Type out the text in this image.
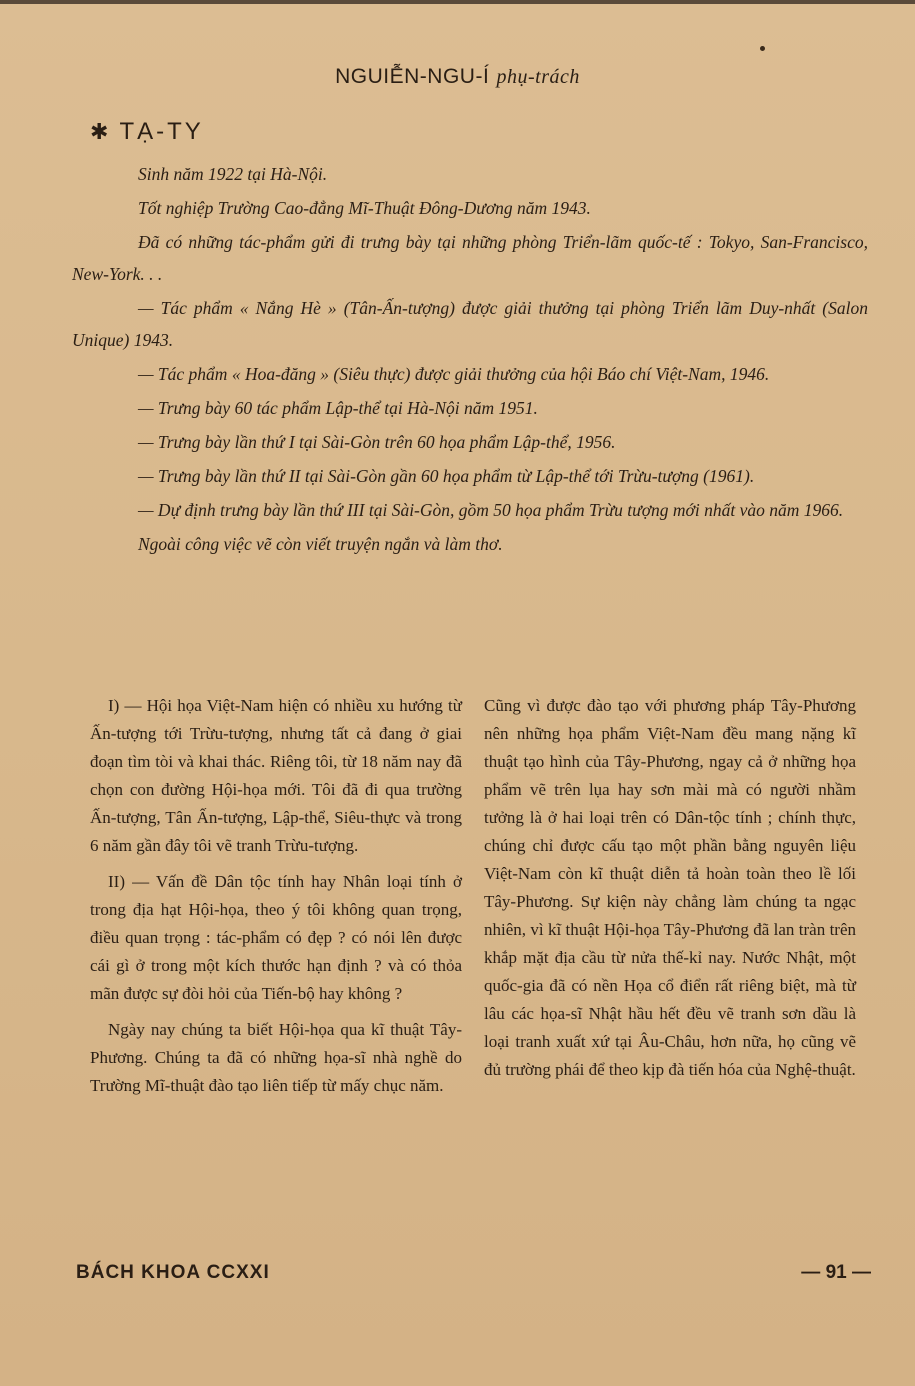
NGUIỄN-NGU-Í phụ-trách
✱ TẠ-TY

Sinh năm 1922 tại Hà-Nội.

Tốt nghiệp Trường Cao-đẳng Mĩ-Thuật Đông-Dương năm 1943.

Đã có những tác-phẩm gửi đi trưng bày tại những phòng Triển-lãm quốc-tế : Tokyo, San-Francisco, New-York. . .

— Tác phẩm « Nắng Hè » (Tân-Ấn-tượng) được giải thưởng tại phòng Triển lãm Duy-nhất (Salon Unique) 1943.

— Tác phẩm « Hoa-đăng » (Siêu thực) được giải thưởng của hội Báo chí Việt-Nam, 1946.

— Trưng bày 60 tác phẩm Lập-thể tại Hà-Nội năm 1951.

— Trưng bày lần thứ I tại Sài-Gòn trên 60 họa phẩm Lập-thể, 1956.

— Trưng bày lần thứ II tại Sài-Gòn gần 60 họa phẩm từ Lập-thể tới Trừu-tượng (1961).

— Dự định trưng bày lần thứ III tại Sài-Gòn, gồm 50 họa phẩm Trừu tượng mới nhất vào năm 1966.

Ngoài công việc vẽ còn viết truyện ngắn và làm thơ.

I) — Hội họa Việt-Nam hiện có nhiều xu hướng từ Ấn-tượng tới Trừu-tượng, nhưng tất cả đang ở giai đoạn tìm tòi và khai thác. Riêng tôi, từ 18 năm nay đã chọn con đường Hội-họa mới. Tôi đã đi qua trường Ấn-tượng, Tân Ấn-tượng, Lập-thể, Siêu-thực và trong 6 năm gần đây tôi vẽ tranh Trừu-tượng.

II) — Vấn đề Dân tộc tính hay Nhân loại tính ở trong địa hạt Hội-họa, theo ý tôi không quan trọng, điều quan trọng : tác-phẩm có đẹp ? có nói lên được cái gì ở trong một kích thước hạn định ? và có thỏa mãn được sự đòi hỏi của Tiến-bộ hay không ?

Ngày nay chúng ta biết Hội-họa qua kĩ thuật Tây-Phương. Chúng ta đã có những họa-sĩ nhà nghề do Trường Mĩ-thuật đào tạo liên tiếp từ mấy chục năm.

Cũng vì được đào tạo với phương pháp Tây-Phương nên những họa phẩm Việt-Nam đều mang nặng kĩ thuật tạo hình của Tây-Phương, ngay cả ở những họa phẩm vẽ trên lụa hay sơn mài mà có người nhầm tưởng là ở hai loại trên có Dân-tộc tính ; chính thực, chúng chỉ được cấu tạo một phần bằng nguyên liệu Việt-Nam còn kĩ thuật diễn tả hoàn toàn theo lề lối Tây-Phương. Sự kiện này chẳng làm chúng ta ngạc nhiên, vì kĩ thuật Hội-họa Tây-Phương đã lan tràn trên khắp mặt địa cầu từ nửa thế-kỉ nay. Nước Nhật, một quốc-gia đã có nền Họa cổ điển rất riêng biệt, mà từ lâu các họa-sĩ Nhật hầu hết đều vẽ tranh sơn dầu là loại tranh xuất xứ tại Âu-Châu, hơn nữa, họ cũng vẽ đủ trường phái để theo kịp đà tiến hóa của Nghệ-thuật.

BÁCH KHOA CCXXI	— 91 —
